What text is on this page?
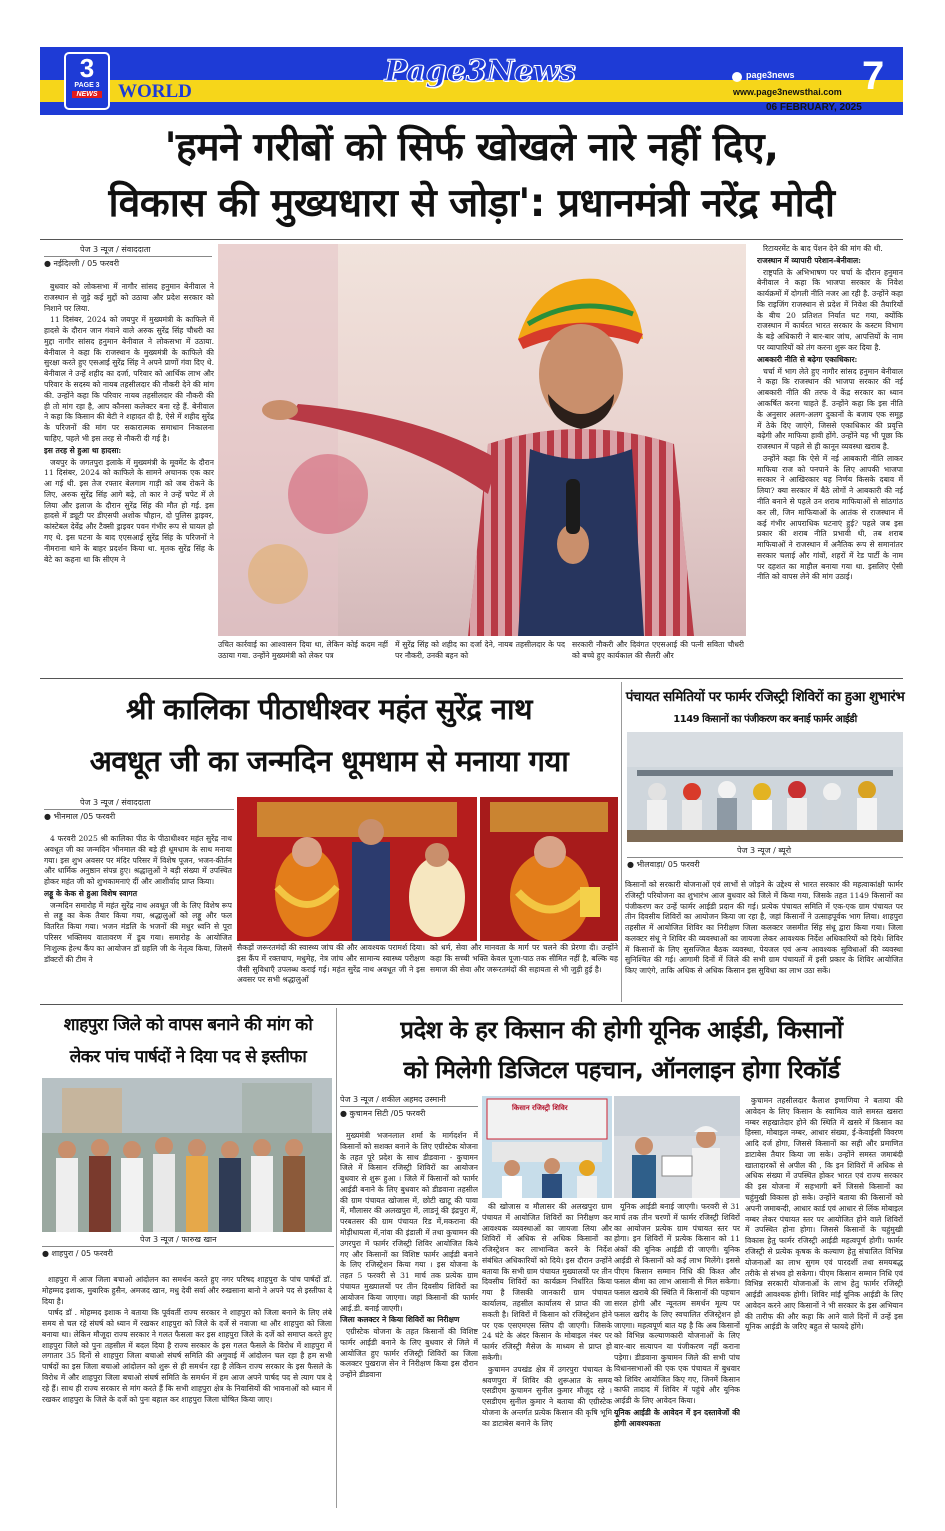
3
PAGE 3
NEWS WORLD
Page3News	page3news
www.page3newsthai.com 7
06 FEBRUARY, 2025
'हमने गरीबों को सिर्फ खोखले नारे नहीं दिए,
विकास की मुख्यधारा से जोड़ा': प्रधानमंत्री नरेंद्र मोदी
पेज 3 न्यूज / संवाददाता
● नईदिल्ली / 05 फरवरी

बुधवार को लोकसभा में नागौर सांसद हनुमान बेनीवाल ने राजस्थान से जुड़े कई मुद्दों को उठाया और प्रदेश सरकार को निशाने पर लिया.

11 दिसंबर, 2024 को जयपुर में मुख्यमंत्री के काफिले में हादसे के दौरान जान गंवाने वाले अरुक सुरेंद्र सिंह चौधरी का मुद्दा नागौर सांसद हनुमान बेनीवाल ने लोकसभा में उठाया. बेनीवाल ने कहा कि राजस्थान के मुख्यमंत्री के काफिले की सुरक्षा करते हुए एसआई सुरेंद्र सिंह ने अपने प्राणों गंवा दिए थे. बेनीवाल ने उन्हें शहीद का दर्जा, परिवार को आर्थिक लाभ और परिवार के सदस्य को नायब तहसीलदार की नौकरी देने की मांग की. उन्होंने कहा कि परिवार नायब तहसीलदार की नौकरी की ही तो मांग रहा है, आप कौनसा कलेक्टर बना रहे हैं. बेनीवाल ने कहा कि किसान की बेटी ने शहादत दी है, ऐसे में शहीद सुरेंद्र के परिजनों की मांग पर सकारात्मक समाधान निकालना चाहिए, पहले भी इस तरह से नौकरी दी गई है।

इस तरह से हुआ था हादसा:

जयपुर के जगतपुरा इलाके में मुख्यमंत्री के मूवमेंट के दौरान 11 दिसंबर, 2024 को काफिले के सामने अचानक एक कार आ गई थी. इस तेज रफ्तार बेलगाम गाड़ी को जब रोकने के लिए, अरुक सुरेंद्र सिंह आगे बढ़े, तो कार ने उन्हें चपेट में ले लिया और इलाज के दौरान सुरेंद्र सिंह की मौत हो गई. इस हादसे में ड्यूटी पर डीएसपी अशोक चौहान, दो पुलिस ड्राइवर, कांस्टेबल देवेंद्र और टैक्सी ड्राइवर पवन गंभीर रूप से घायल हो गए थे. इस घटना के बाद एएसआई सुरेंद्र सिंह के परिजनों ने नीमराना थाने के बाहर प्रदर्शन किया था. मृतक सुरेंद्र सिंह के बेटे का कहना था कि सीएम ने

उचित कार्रवाई का आश्वासन दिया था, लेकिन कोई कदम नहीं उठाया गया. उन्होंने मुख्यमंत्री को लेकर पत्र
में सुरेंद्र सिंह को शहीद का दर्जा देने, नायब तहसीलदार के पद पर नौकरी, उनकी बहन को
सरकारी नौकरी और दिवंगत एएसआई की पत्नी सविता चौधरी को बच्चे हुए कार्यकाल की सैलरी और

रिटायरमेंट के बाद पेंशन देने की मांग की थी.

राजस्थान में व्यापारी परेशान-बेनीवाल:

राष्ट्रपति के अभिभाषण पर चर्चा के दौरान हनुमान बेनीवाल ने कहा कि भाजपा सरकार के निवेश कार्यक्रमों में दोगली नीति नजर आ रही है. उन्होंने कहा कि राइजिंग राजस्थान से प्रदेश में निवेश की तैयारियों के बीच 20 प्रतिशत निर्यात घट गया, क्योंकि राजस्थान में कार्यरत भारत सरकार के कस्टम विभाग के बड़े अधिकारी ने बार-बार जांच, आपत्तियों के नाम पर व्यापारियों को तंग करना शुरू कर दिया है.

आबकारी नीति से बढ़ेगा एकाधिकार:

चर्चा में भाग लेते हुए नागौर सांसद हनुमान बेनीवाल ने कहा कि राजस्थान की भाजपा सरकार की नई आबकारी नीति की तरफ वे केंद्र सरकार का ध्यान आकर्षित करना चाहते हैं. उन्होंने कहा कि इस नीति के अनुसार अलग-अलग दुकानों के बजाय एक समूह में ठेके दिए जाएंगे, जिससे एकाधिकार की प्रवृत्ति बढ़ेगी और माफिया हावी होंगे. उन्होंने यह भी पूछा कि राजस्थान में पहले से ही कानून व्यवस्था खराब है.

उन्होंने कहा कि ऐसे में नई आबकारी नीति लाकर माफिया राज को पनपाने के लिए आपकी भाजपा सरकार ने आखिरकार यह निर्णय किसके दबाव में लिया? क्या सरकार में बैठे लोगों ने आबकारी की नई नीति बनाने से पहले उन शराब माफियाओं से सांठगांठ कर ली, जिन माफियाओं के आतंक से राजस्थान में कई गंभीर आपराधिक घटनाएं हुई? पहले जब इस प्रकार की शराब नीति प्रभावी थी, तब शराब माफियाओं ने राजस्थान में अनैतिक रूप से समानांतर सरकार चलाई और गांवों, शहरों में रेड पार्टी के नाम पर दहशत का माहौल बनाया गया था. इसलिए ऐसी नीति को वापस लेने की मांग उठाई।

श्री कालिका पीठाधीश्वर महंत सुरेंद्र नाथ
अवधूत जी का जन्मदिन धूमधाम से मनाया गया
पेज 3 न्यूज / संवाददाता
● भीनमाल /05 फरवरी

4 फरवरी 2025 श्री कालिका पीठ के पीठाधीश्वर महंत सुरेंद्र नाथ अवधूत जी का जन्मदिन भीनमाल की बड़े ही धूमधाम के साथ मनाया गया। इस शुभ अवसर पर मंदिर परिसर में विशेष पूजन, भजन-कीर्तन और धार्मिक अनुष्ठान संपन्न हुए। श्रद्धालुओं ने बड़ी संख्या में उपस्थित होकर महंत जी को शुभकामनाएं दीं और आशीर्वाद प्राप्त किया।

लड्डू के केक से हुआ विशेष स्वागत

जन्मदिन समारोह में महंत सुरेंद्र नाथ अवधूत जी के लिए विशेष रूप से लड्डू का केक तैयार किया गया, श्रद्धालुओं को लड्डू और फल वितरित किया गया। भजन मंडलि के भजनों की मधुर ध्वनि से पूरा परिसर भक्तिमय वातावरण में डूब गया। समारोह के आयोजित निःशुल्क हेल्थ कैंप का आयोजन डॉ ग्रहलि जी के नेतृत्व किया, जिसमें डॉक्टरों की टीम ने

सैकड़ों जरूरतमंदों की स्वास्थ्य जांच की और आवश्यक परामर्श दिया। इस कैंप में रक्तचाप, मधुमेह, नेत्र जांच और सामान्य स्वास्थ्य परीक्षण जैसी सुविधाएँ उपलब्ध कराई गई। महंत सुरेंद्र नाथ अवधूत जी ने इस अवसर पर सभी श्रद्धालुओं
को धर्म, सेवा और मानवता के मार्ग पर चलने की प्रेरणा दी। उन्होंने कहा कि सच्ची भक्ति केवल पूजा-पाठ तक सीमित नहीं है, बल्कि यह समाज की सेवा और जरूरतमंदों की सहायता से भी जुड़ी हुई है।
पंचायत समितियों पर फार्मर रजिस्ट्री शिविरों का हुआ शुभारंभ
1149 किसानों का पंजीकरण कर बनाई फार्मर आईडी
पेज 3 न्यूज / ब्यूरो
● भीलवाड़ा/ 05 फरवरी
किसानों को सरकारी योजनाओं एवं लाभों से जोड़ने के उद्देश्य से भारत सरकार की महत्वाकांक्षी फार्मर रजिस्ट्री परियोजना का शुभारंभ आज बुधवार को जिले में किया गया, जिसके तहत 1149 किसानों का पंजीकरण कर उन्हें फार्मर आईडी प्रदान की गई। प्रत्येक पंचायत समिति में एक-एक ग्राम पंचायत पर तीन दिवसीय शिविरों का आयोजन किया जा रहा है, जहां किसानों ने उत्साहपूर्वक भाग लिया। शाहपुरा तहसील में आयोजित शिविर का निरीक्षण जिला कलक्टर जसमीत सिंह संधू द्वारा किया गया। जिला कलक्टर संधू ने शिविर की व्यवस्थाओं का जायजा लेकर आवश्यक निर्देश अधिकारियों को दिये। शिविर में किसानों के लिए सुसज्जित बैठक व्यवस्था, पेयजल एवं अन्य आवश्यक सुविधाओं की व्यवस्था सुनिश्चित की गई। आगामी दिनों में जिले की सभी ग्राम पंचायतों में इसी प्रकार के शिविर आयोजित किए जाएंगे, ताकि अधिक से अधिक किसान इस सुविधा का लाभ उठा सकें।
शाहपुरा जिले को वापस बनाने की मांग को
लेकर पांच पार्षदों ने दिया पद से इस्तीफा
पेज 3 न्यूज / फारुख खान
● शाहपुरा / 05 फरवरी

शाहपुरा में आज जिला बचाओ आंदोलन का समर्थन करते हुए नगर परिषद शाहपुरा के पांच पार्षदों डॉ. मोहम्मद इशाक, मुबारिक हुसैन, अमजद खान, मधु देवी सर्वा और रुखसाना बानो ने अपने पद से इस्तीफा दे दिया है।

पार्षद डॉ . मोहम्मद इशाक ने बताया कि पूर्ववर्ती राज्य सरकार ने शाहपुरा को जिला बनाने के लिए लंबे समय से चल रहे संघर्ष को ध्यान में रखकर शाहपुरा को जिले के दर्जे से नवाजा था और शाहपुरा को जिला बनाया था। लेकिन मौजूदा राज्य सरकार ने गलत फैसला कर इस शाहपुरा जिले के दर्जे को समाप्त करते हुए शाहपुरा जिले को पुनः तहसील में बदल दिया है राज्य सरकार के इस गलत फैसले के विरोध में शाहपुरा में लगातार 35 दिनों से शाहपुरा जिला बचाओ संघर्ष समिति की अगुवाई में आंदोलन चल रहा है हम सभी पार्षदों का इस जिला बचाओ आंदोलन को शुरू से ही समर्थन रहा है लेकिन राज्य सरकार के इस फैसले के विरोध में और शाहपुरा जिला बचाओ संघर्ष समिति के समर्थन में हम आज अपने पार्षद पद से त्याग पत्र दे रहे हैं। साथ ही राज्य सरकार से मांग करते हैं कि सभी शाहपुरा क्षेत्र के निवासियों की भावनाओं को ध्यान में रखकर शाहपुरा के जिले के दर्जे को पुनः बहाल कर शाहपुरा जिला घोषित किया जाए।

प्रदेश के हर किसान की होगी यूनिक आईडी, किसानों
को मिलेगी डिजिटल पहचान, ऑनलाइन होगा रिकॉर्ड
पेज 3 न्यूज / शकील अहमद उस्मानी
● कुचामन सिटी /05 फरवरी

मुख्यमंत्री भजनलाल शर्मा के मार्गदर्शन में किसानों को सशक्त बनाने के लिए एग्रीस्टेक योजना के तहत पूरे प्रदेश के साथ डीडवाना - कुचामन जिले में किसान रजिस्ट्री शिविरों का आयोजन बुधवार से शुरू हुआ । जिले में किसानों को फार्मर आईडी बनाने के लिए बुधवार को डीडवाना तहसील की ग्राम पंचायत खोजास में, छोटी खाटू की पावा में, मौलासर की अलखपुरा में, लाडनूं की इंद्रपुरा में, परबतसर की ग्राम पंचायत रिड में,मकराना की मोड़ीधायला में,नांवा की इंडाली में तथा कुचामन की उगरपुरा में फार्मर रजिस्ट्री शिविर आयोजित किये गए और किसानों का विशिष्ट फार्मर आईडी बनाने के लिए रजिस्ट्रेशन किया गया । इस योजना के तहत 5 फरवरी से 31 मार्च तक प्रत्येक ग्राम पंचायत मुख्यालयों पर तीन दिवसीय शिविरों का आयोजन किया जाएगा। जहां किसानों की फार्मर आई.डी. बनाई जाएगी।

जिला कलक्टर ने किया शिविरों का निरीक्षण

एग्रीस्टेक योजना के तहत किसानों की विशिष्ट फार्मर आईडी बनाने के लिए बुधवार से जिले में आयोजित हुए फार्मर रजिस्ट्री शिविरों का जिला कलक्टर पुखराज सेन ने निरीक्षण किया इस दौरान उन्होंने डीडवाना

किसान रजिस्ट्री शिविर

की खोजास व मौलासर की अलखपुरा ग्राम पंचायत में आयोजित शिविरों का निरीक्षण कर आवश्यक व्यवस्थाओं का जायजा लिया और शिविरों में अधिक से अधिक किसानों का रजिस्ट्रेशन कर लाभान्वित करने के निर्देश संबंधित अधिकारियों को दिये। इस दौरान उन्होंने बताया कि सभी ग्राम पंचायत मुख्यालयों पर तीन दिवसीय शिविरों का कार्यक्रम निर्धारित किया गया है जिसकी जानकारी ग्राम पंचायत कार्यालय, तहसील कार्यालय से प्राप्त की जा सकती है। शिविरों में किसान को रजिस्ट्रेशन होने पर एक एसएमएस स्लिप दी जाएगी। जिसके 24 घंटे के अंदर किसान के मोबाइल नंबर पर फार्मर रजिस्ट्री मैसेज के माध्यम से प्राप्त हो सकेगी।

कुचामन उपखंड क्षेत्र में उगरपुरा पंचायत के श्रवणपुरा में शिविर की शुरूआत के समय एसडीएम कुचामन सुनील कुमार मौजूद रहे । एसडीएम सुनील कुमार ने बताया की एग्रीस्टेक योजना के अन्तर्गत प्रत्येक किसान की कृषि भूमि का डाटाबेस बनाने के लिए

यूनिक आईडी बनाई जाएगी। फरवरी से 31 मार्च तक तीन चरणों में फार्मर रजिस्ट्री शिविरों का आयोजन प्रत्येक ग्राम पंचायत स्तर पर होगा। इन शिविरों में प्रत्येक किसान को 11 अंकों की यूनिक आईडी दी जाएगी। यूनिक आईडी से किसानों को कई लाभ मिलेंगे। इससे पीएम किसान सम्मान निधि की किश्त और फसल बीमा का लाभ आसानी से मिल सकेगा। फसल खराबे की स्थिति में किसानों की पहचान सरल होगी और न्यूनतम समर्थन मूल्य पर फसल खरीद के लिए स्वचालित रजिस्ट्रेशन हो जाएगा। महत्वपूर्ण बात यह है कि अब किसानों को विभिन्न कल्याणकारी योजनाओं के लिए बार-बार सत्यापन या पंजीकरण नहीं कराना पड़ेगा। डीडवाना कुचामन जिले की सभी पांच विधानसभाओं की एक एक पंचायत में बुधवार को शिविर आयोजित किए गए, जिनमें किसान काफी तादाद में शिविर में पहुंचे और यूनिक आईडी के लिए आवेदन किया।

यूनिक आईडी के आवेदन में इन दस्तावेजों की होगी आवश्यकता

कुचामन तहसीलदार कैलाश इणाणिया ने बताया की आवेदन के लिए किसान के स्वामित्व वाले समस्त खसरा नम्बर सहखातेदार होने की स्थिति में खसरे में किसान का हिस्सा, मोबाइल नम्बर, आधार संख्या, ई-केवाईसी विवरण आदि दर्ज होगा, जिससे किसानों का सही और प्रमाणित डाटाबेस तैयार किया जा सके। उन्होंने समस्त जमाबंदी खातादारकों से अपील की , कि इन शिविरों में अधिक से अधिक संख्या में उपस्थित होकर भारत एवं राज्य सरकार की इस योजना में सहभागी बनें जिससे किसानों का चहुंमुखी विकास हो सके। उन्होंने बताया की किसानों को अपनी जमाबन्दी, आधार कार्ड एवं आधार से लिंक मोबाइल नम्बर लेकर पंचायत स्तर पर आयोजित होने वाले शिविरों में उपस्थित होना होगा। जिससे किसानों के चहुंमुखी विकास हेतु फार्मर रजिस्ट्री आईडी महत्वपूर्ण होगी। फार्मर रजिस्ट्री से प्रत्येक कृषक के कल्याण हेतु संचालित विभिन्न योजनाओं का लाभ सुगम एवं पारदर्शी तथा समयबद्ध तरीके से संभव हो सकेगा। पीएम किसान सम्मान निधि एवं विभिन्न सरकारी योजनाओं के लाभ हेतु फार्मर रजिस्ट्री आईडी आवश्यक होगी। शिविर मांईं यूनिक आईडी के लिए आवेदन करने आए किसानों ने भी सरकार के इस अभियान की तारीफ की और कहा कि आने वाले दिनों में उन्हें इस यूनिक आईडी के जरिए बहुत से फायदे होंगे।
